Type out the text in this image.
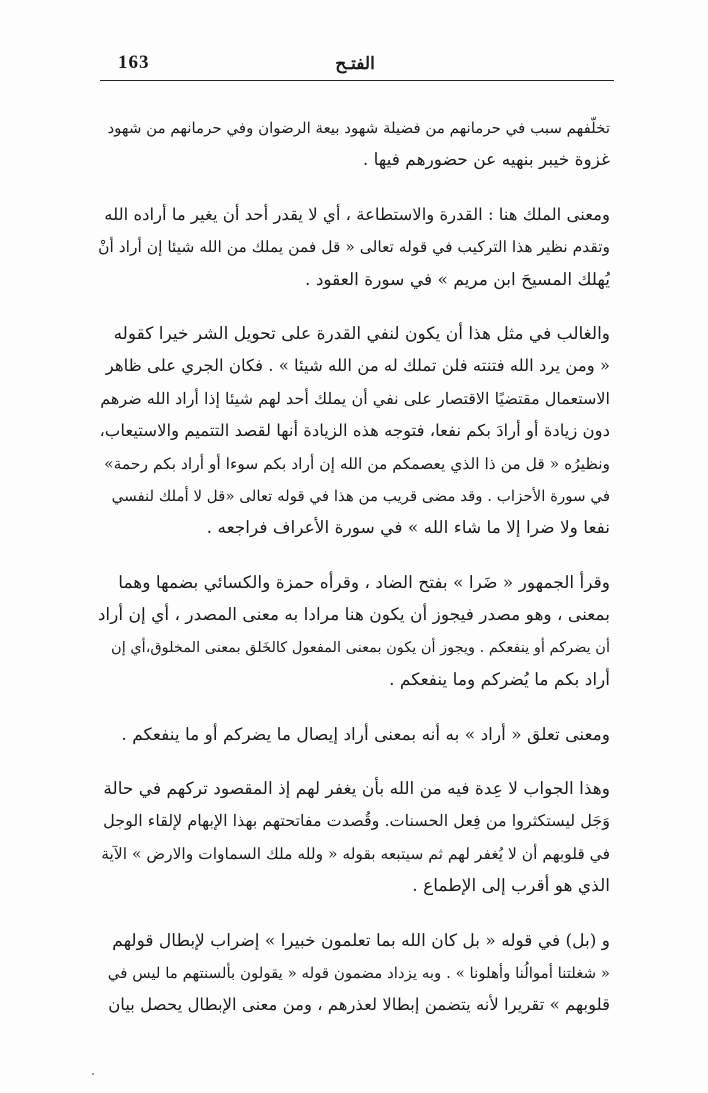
163	الفتـح

تخلّفهم سبب في حرمانهم من فضيلة شهود بيعة الرضوان وفي حرمانهم من شهود
غزوة خيبر بنهيه عن حضورهم فيها .

ومعنى الملك هنا : القدرة والاستطاعة ، أي لا يقدر أحد أن يغير ما أراده الله
وتقدم نظير هذا التركيب في قوله تعالى « قل فمن يملك من الله شيئا إن أراد أنْ
يُهلك المسيحَ ابن مريم » في سورة العقود .

والغالب في مثل هذا أن يكون لنفي القدرة على تحويل الشر خيرا كقوله
« ومن يرد الله فتنته فلن تملك له من الله شيئا » . فكان الجري على ظاهر
الاستعمال مقتضيًا الاقتصار على نفي أن يملك أحد لهم شيئا إذا أراد الله ضرهم
دون زيادة أو أرادَ بكم نفعا، فتوجه هذه الزيادة أنها لقصد التتميم والاستيعاب،
ونظيرُه « قل من ذا الذي يعصمكم من الله إن أراد بكم سوءا أو أراد بكم رحمة»
في سورة الأحزاب . وقد مضى قريب من هذا في قوله تعالى «قل لا أملك لنفسي
نفعا ولا ضرا إلا ما شاء الله » في سورة الأعراف فراجعه .

وقرأ الجمهور « ضَرا » بفتح الضاد ، وقرأه حمزة والكسائي بضمها وهما
بمعنى ، وهو مصدر فيجوز أن يكون هنا مرادا به معنى المصدر ، أي إن أراد
أن يضركم أو ينفعكم . ويجوز أن يكون بمعنى المفعول كالخَلق بمعنى المخلوق،أي إن
أراد بكم ما يُضركم وما ينفعكم .

ومعنى تعلق « أراد » به أنه بمعنى أراد إيصال ما يضركم أو ما ينفعكم .

وهذا الجواب لا عِدة فيه من الله بأن يغفر لهم إذ المقصود تركهم في حالة
وَجَل ليستكثروا من فِعل الحسنات. وقُصدت مفاتحتهم بهذا الإبهام لإلقاء الوجل
في قلوبهم أن لا يُغفر لهم ثم سيتبعه بقوله « ولله ملك السماوات والارض » الآية
الذي هو أقرب إلى الإطماع .

و (بل) في قوله « بل كان الله بما تعلمون خبيرا » إضراب لإبطال قولهم
« شغلتنا أموالُنا وأهلونا » . وبه يزداد مضمون قوله « يقولون بألسنتهم ما ليس في
قلوبهم » تقريرا لأنه يتضمن إبطالا لعذرهم ، ومن معنى الإبطال يحصل بيان
